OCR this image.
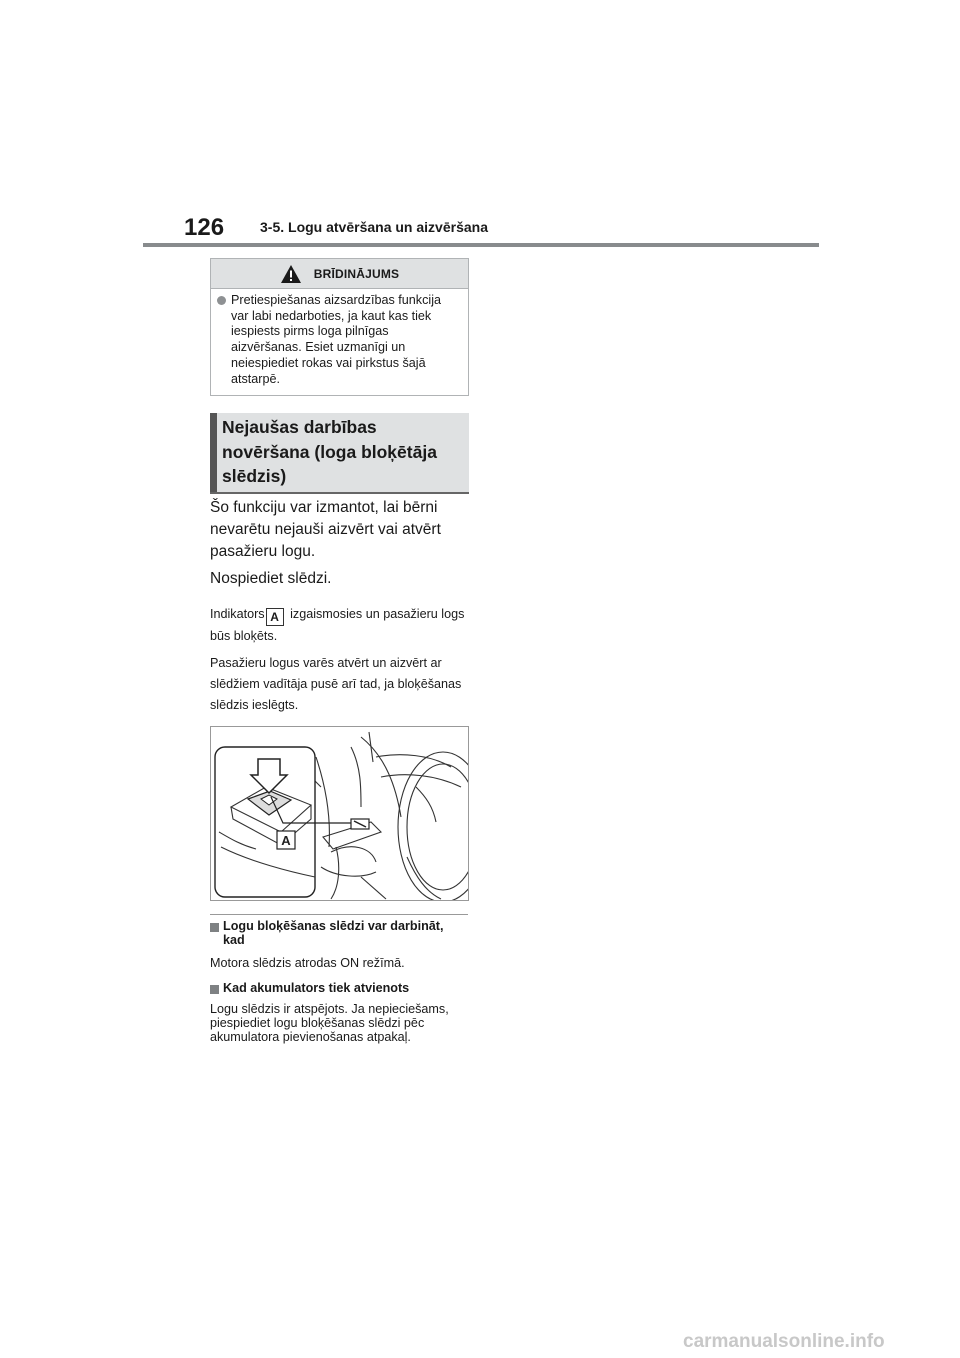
126	3-5. Logu atvēršana un aizvēršana
BRĪDINĀJUMS
Pretiespiešanas aizsardzības funkcija var labi nedarboties, ja kaut kas tiek iespiests pirms loga pilnīgas aizvēršanas. Esiet uzmanīgi un neiespiediet rokas vai pirkstus šajā atstarpē.
Nejaušas darbības novēršana (loga bloķētāja slēdzis)
Šo funkciju var izmantot, lai bērni nevarētu nejauši aizvērt vai atvērt pasažieru logu.
Nospiediet slēdzi.
Indikators A izgaismosies un pasažieru logs būs bloķēts.
Pasažieru logus varēs atvērt un aizvērt ar slēdžiem vadītāja pusē arī tad, ja bloķēšanas slēdzis ieslēgts.
A
Logu bloķēšanas slēdzi var darbināt, kad
Motora slēdzis atrodas ON režīmā.
Kad akumulators tiek atvienots
Logu slēdzis ir atspējots. Ja nepieciešams, piespiediet logu bloķēšanas slēdzi pēc akumulatora pievienošanas atpakaļ.
carmanualsonline.info
